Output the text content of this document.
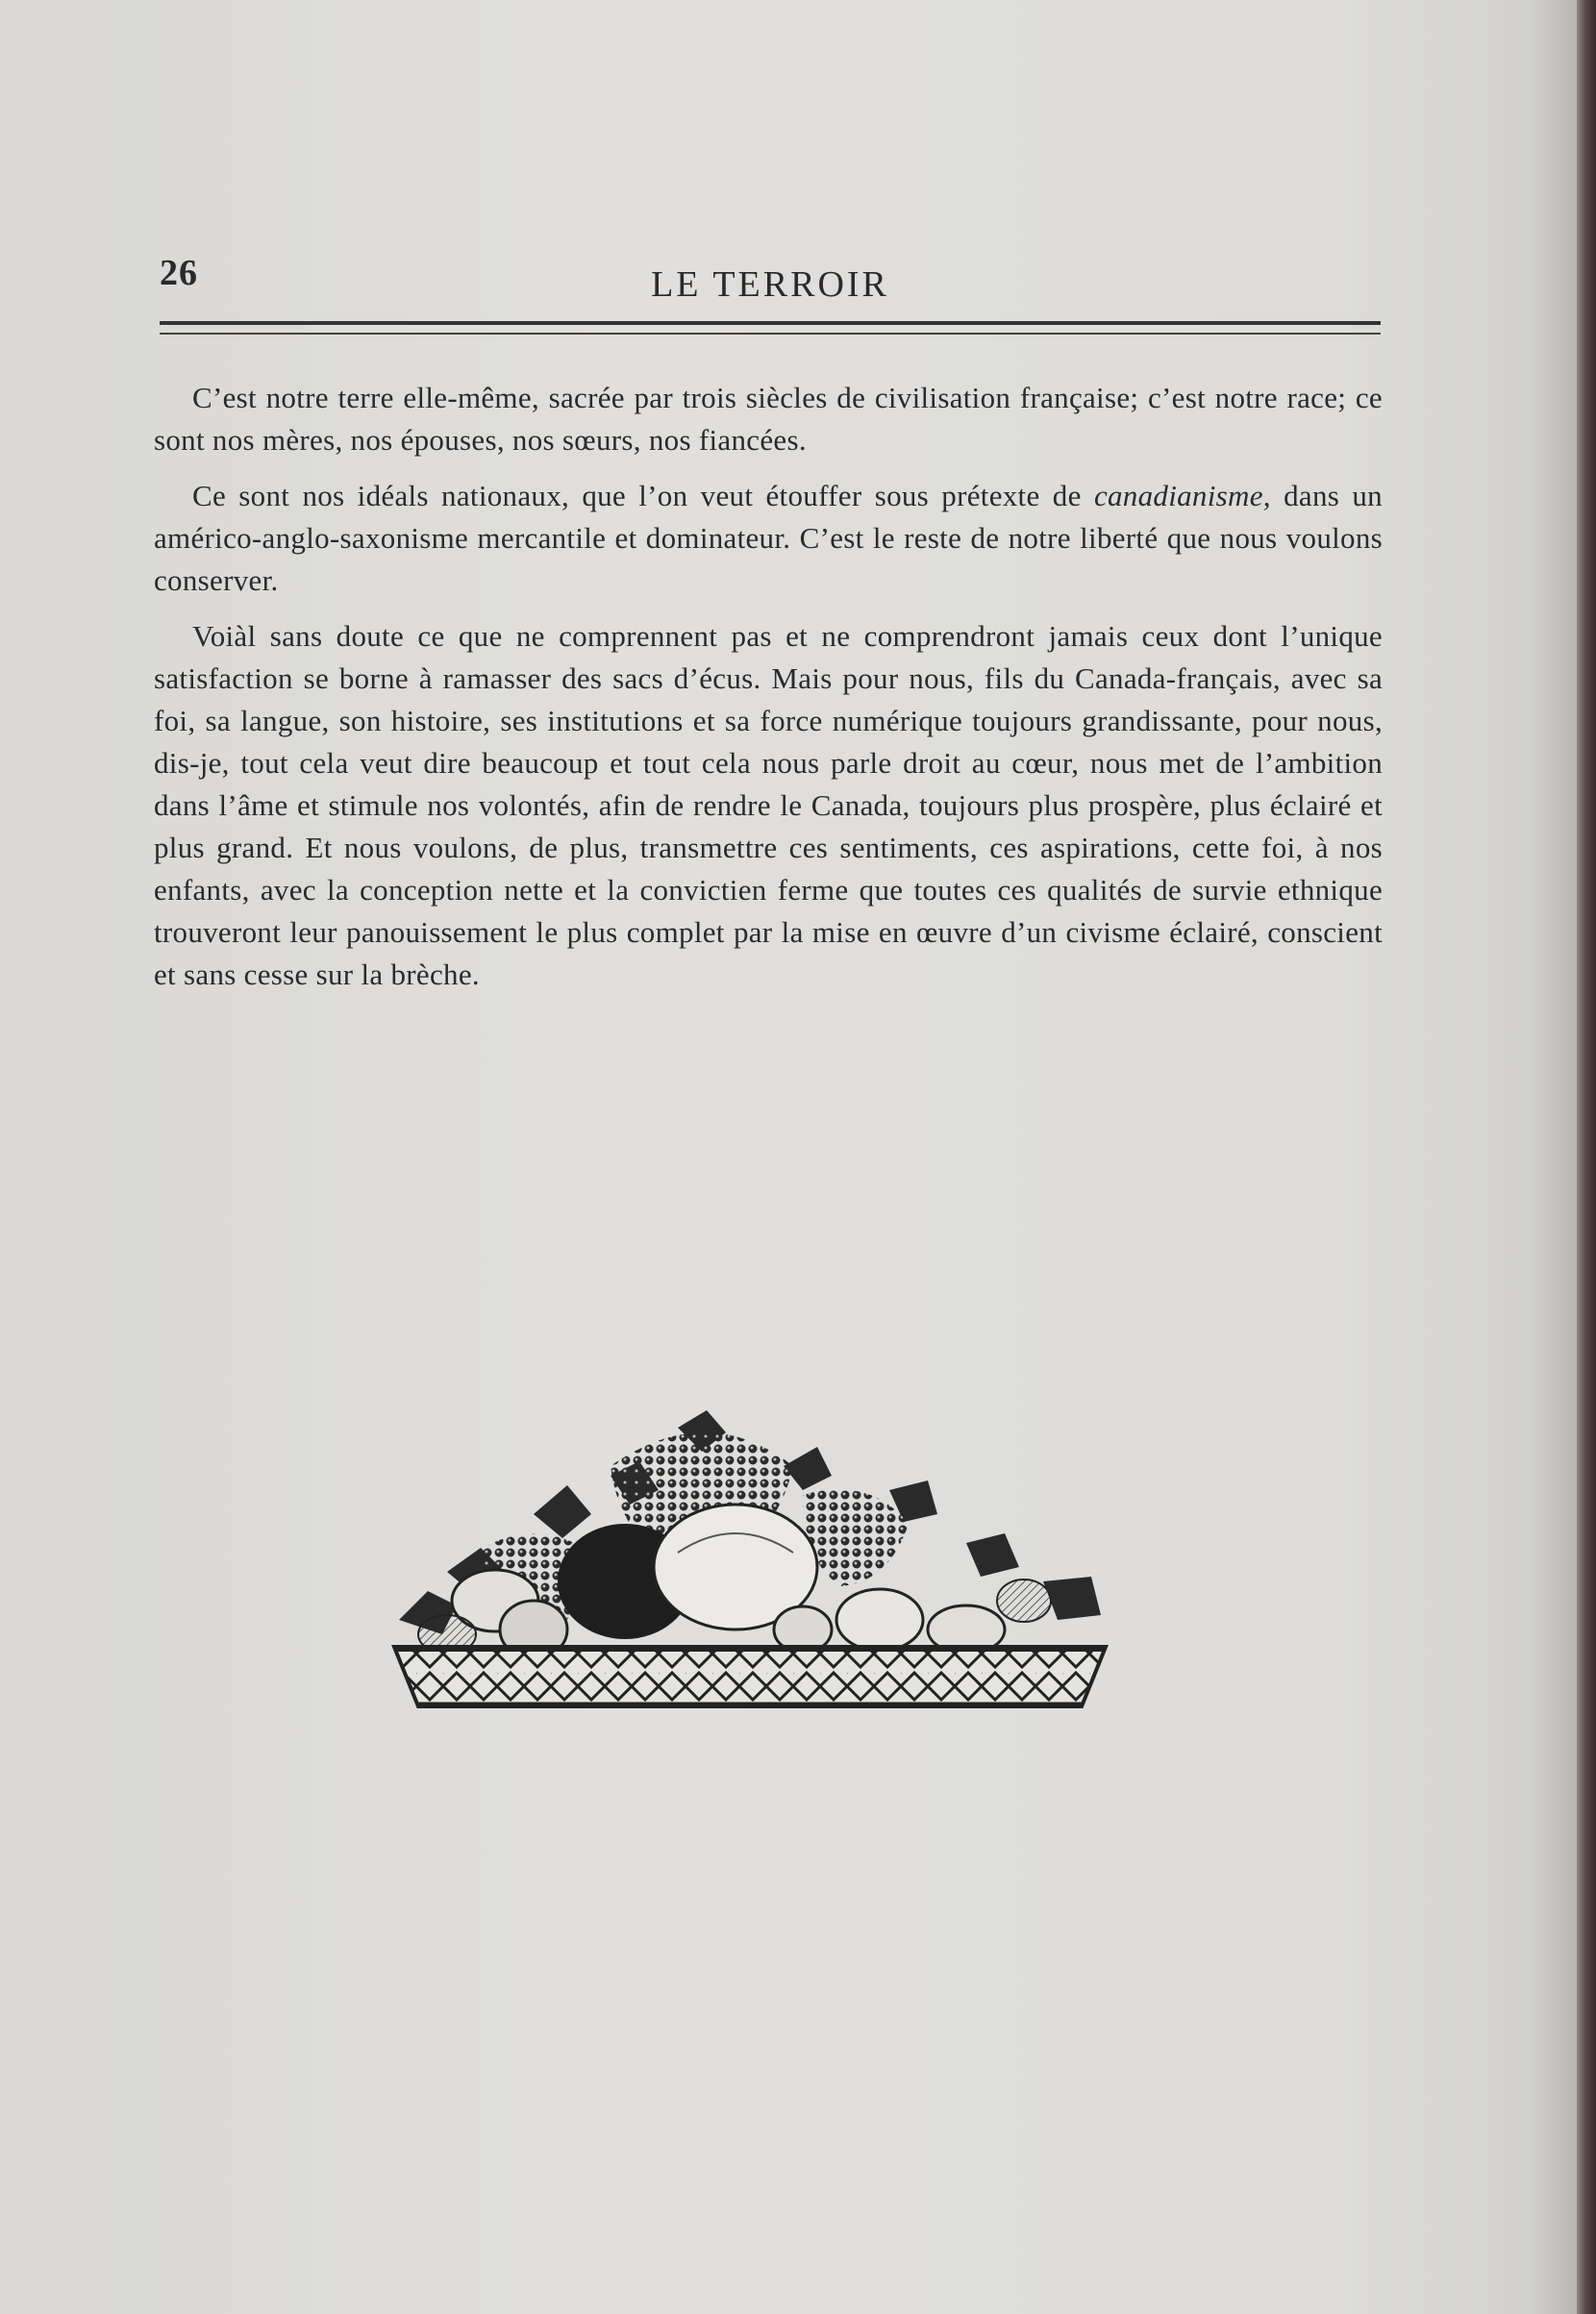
26	LE TERROIR

C’est notre terre elle-même, sacrée par trois siècles de civilisation française; c’est notre race; ce sont nos mères, nos épouses, nos sœurs, nos fiancées.

Ce sont nos idéals nationaux, que l’on veut étouffer sous prétexte de canadianisme, dans un américo-anglo-saxonisme mercantile et dominateur. C’est le reste de notre liberté que nous voulons conserver.

Voiàl sans doute ce que ne comprennent pas et ne comprendront jamais ceux dont l’unique satisfaction se borne à ramasser des sacs d’écus. Mais pour nous, fils du Canada-français, avec sa foi, sa langue, son histoire, ses institutions et sa force numérique toujours grandissante, pour nous, dis-je, tout cela veut dire beaucoup et tout cela nous parle droit au cœur, nous met de l’ambition dans l’âme et stimule nos volontés, afin de rendre le Canada, toujours plus prospère, plus éclairé et plus grand. Et nous voulons, de plus, transmettre ces sentiments, ces aspirations, cette foi, à nos enfants, avec la conception nette et la convictien ferme que toutes ces qualités de survie ethnique trouveront leur panouissement le plus complet par la mise en œuvre d’un civisme éclairé, conscient et sans cesse sur la brèche.
